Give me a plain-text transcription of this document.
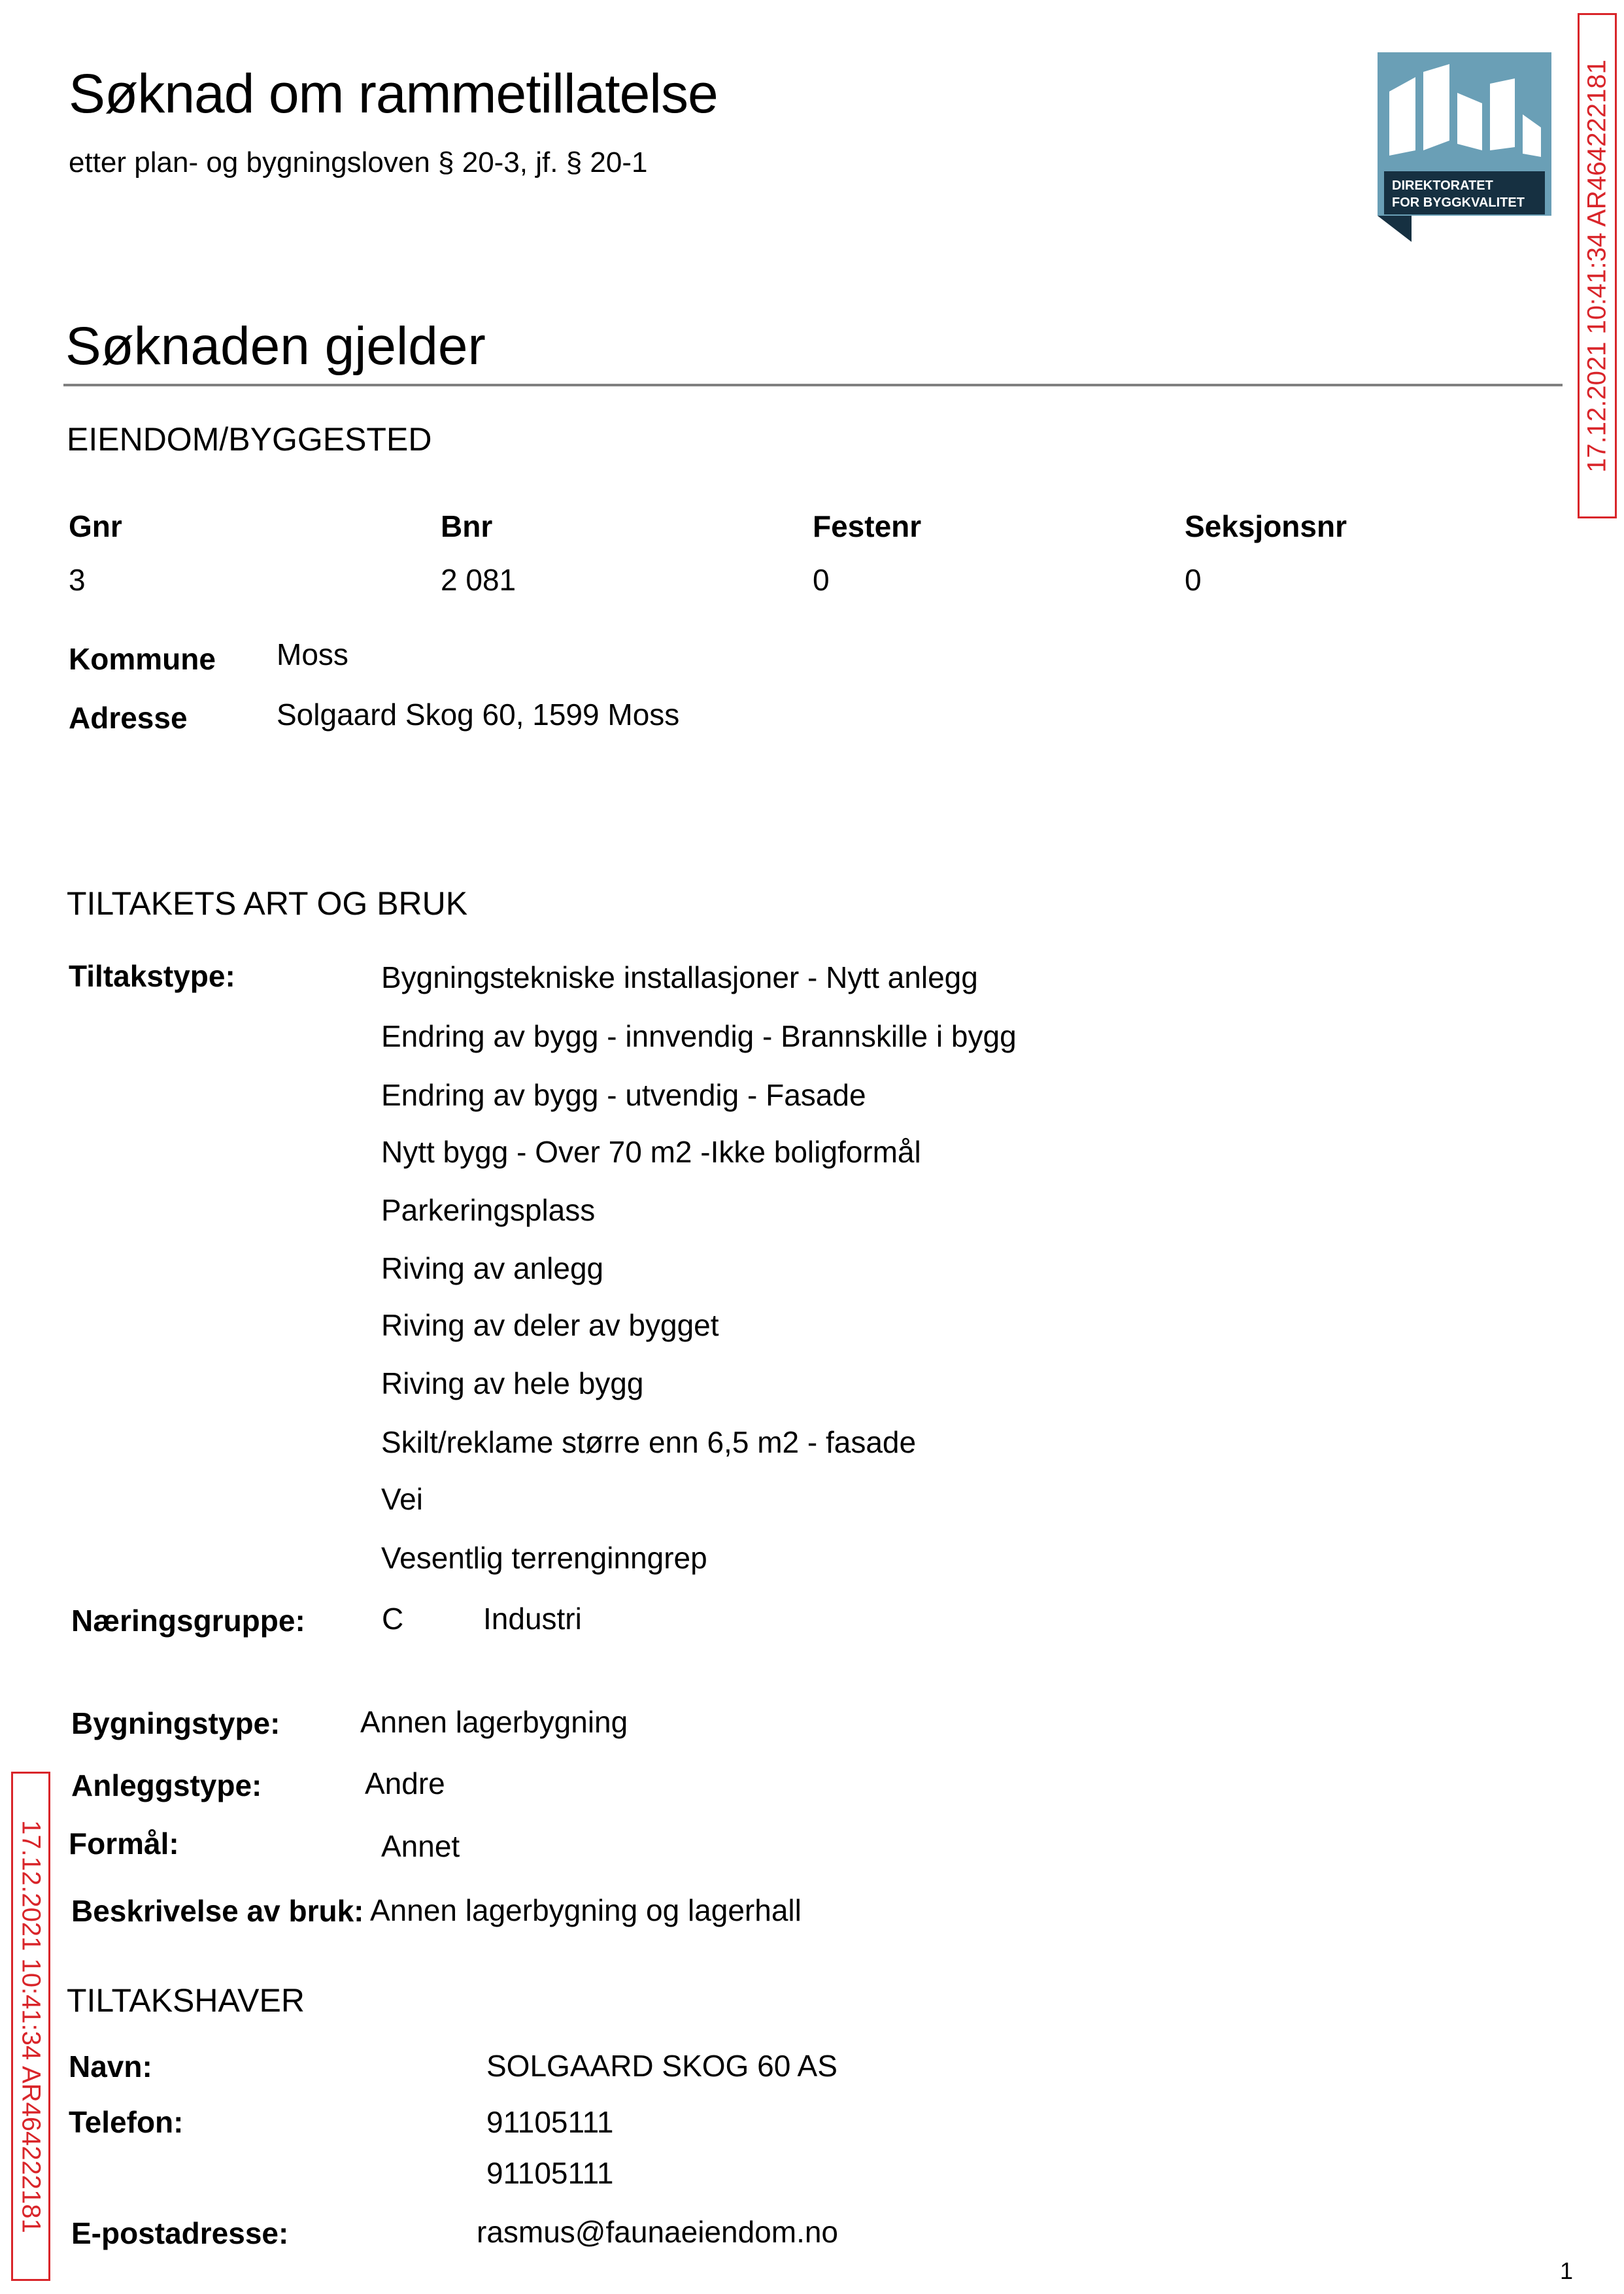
Søknad om rammetillatelse
etter plan- og bygningsloven § 20-3, jf. § 20-1
DIREKTORATET
FOR BYGGKVALITET 17.12.2021 10:41:34 AR464222181
17.12.2021 10:41:34 AR464222181
Søknaden gjelder
EIENDOM/BYGGESTED
Gnr	Bnr	Festenr	Seksjonsnr
3	2 081	0	0
Kommune Moss
Adresse	Solgaard Skog 60, 1599 Moss
TILTAKETS ART OG BRUK
Tiltakstype:	Bygningstekniske installasjoner - Nytt anlegg
Endring av bygg - innvendig - Brannskille i bygg
Endring av bygg - utvendig - Fasade
Nytt bygg - Over 70 m2 -Ikke boligformål
Parkeringsplass
Riving av anlegg
Riving av deler av bygget
Riving av hele bygg
Skilt/reklame større enn 6,5 m2 - fasade
Vei
Vesentlig terrenginngrep
Næringsgruppe:	C	Industri
Bygningstype:	Annen lagerbygning
Anleggstype:	Andre
Formål:	Annet
Beskrivelse av bruk: Annen lagerbygning og lagerhall
TILTAKSHAVER
Navn:	SOLGAARD SKOG 60 AS
Telefon:	91105111
91105111
E-postadresse:	rasmus@faunaeiendom.no
1
